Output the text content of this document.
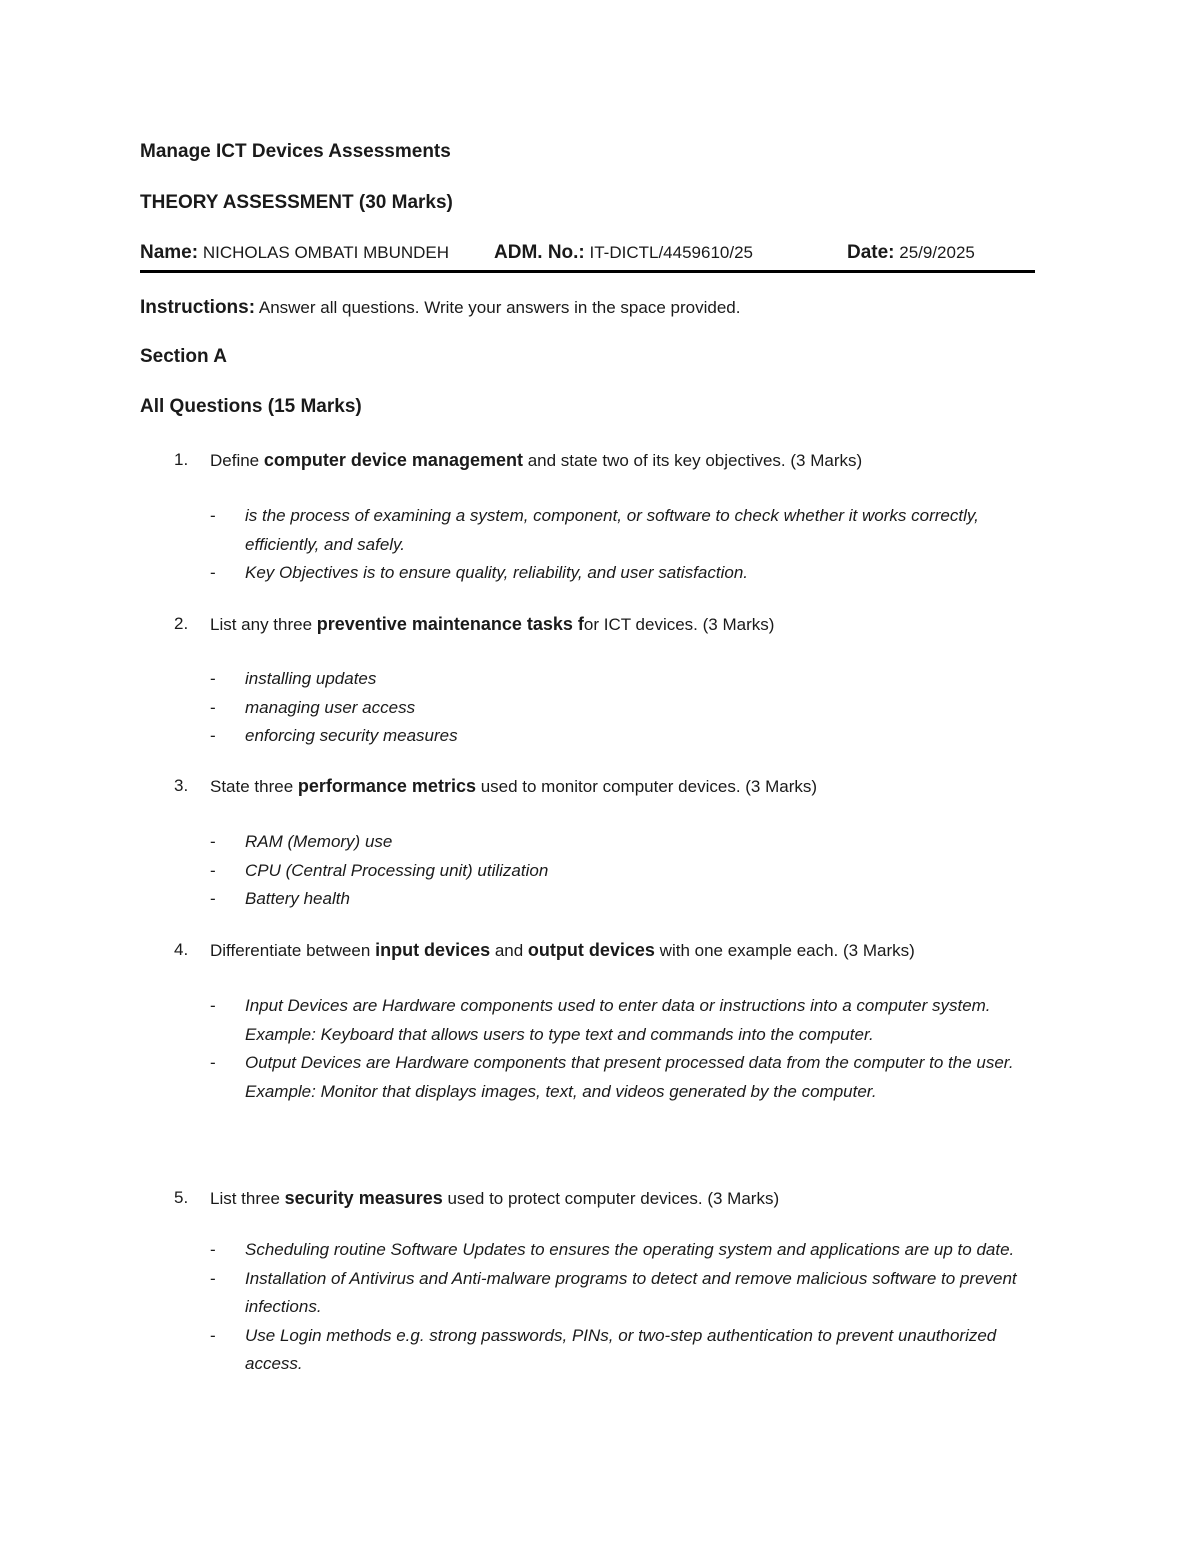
Manage ICT Devices Assessments
THEORY ASSESSMENT (30 Marks)
Name: NICHOLAS OMBATI MBUNDEH ADM. No.: IT-DICTL/4459610/25	Date: 25/9/2025
Instructions: Answer all questions. Write your answers in the space provided.
Section A
All Questions (15 Marks)
1.	Define computer device management and state two of its key objectives. (3 Marks)
- is the process of examining a system, component, or software to check whether it works correctly, efficiently, and safely.
- Key Objectives is to ensure quality, reliability, and user satisfaction.
2.	List any three preventive maintenance tasks for ICT devices. (3 Marks)
- installing updates
- managing user access
- enforcing security measures
3.	State three performance metrics used to monitor computer devices. (3 Marks)
- RAM (Memory) use
- CPU (Central Processing unit) utilization
- Battery health
4.	Differentiate between input devices and output devices with one example each. (3 Marks)
- Input Devices are Hardware components used to enter data or instructions into a computer system. Example: Keyboard that allows users to type text and commands into the computer.
- Output Devices are Hardware components that present processed data from the computer to the user. Example: Monitor that displays images, text, and videos generated by the computer.
5.	List three security measures used to protect computer devices. (3 Marks)
- Scheduling routine Software Updates to ensures the operating system and applications are up to date.
- Installation of Antivirus and Anti-malware programs to detect and remove malicious software to prevent infections.
- Use Login methods e.g. strong passwords, PINs, or two-step authentication to prevent unauthorized access.
